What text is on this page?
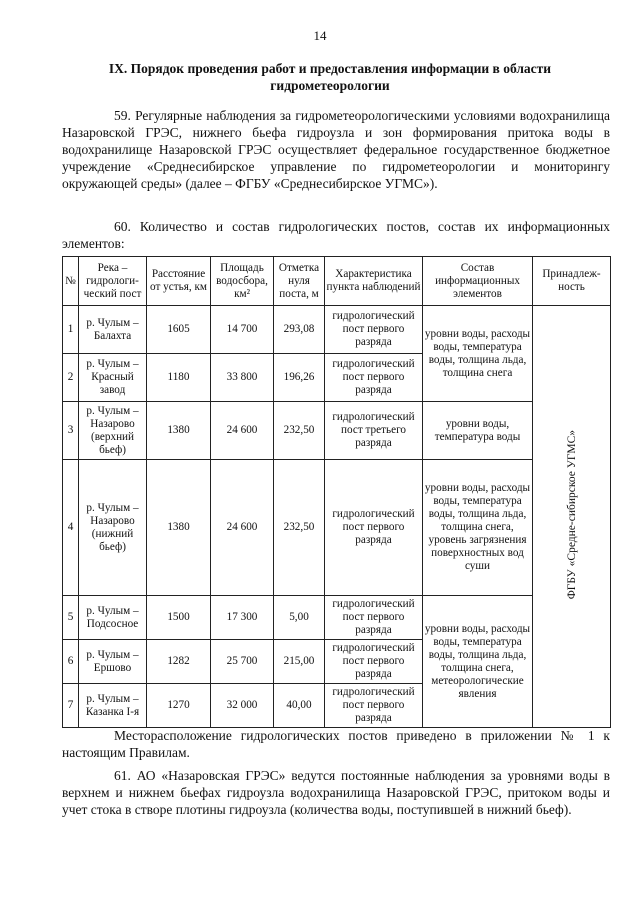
14
IX. Порядок проведения работ и предоставления информации в области гидрометеорологии
59. Регулярные наблюдения за гидрометеорологическими условиями водохранилища Назаровской ГРЭС, нижнего бьефа гидроузла и зон формирования притока воды в водохранилище Назаровской ГРЭС осуществляет федеральное государственное бюджетное учреждение «Среднесибирское управление по гидрометеорологии и мониторингу окружающей среды» (далее – ФГБУ «Среднесибирское УГМС»).
60. Количество и состав гидрологических постов, состав их информационных элементов:
№	Река – гидрологи-ческий пост	Расстояние от устья, км	Площадь водосбора, км²	Отметка нуля поста, м	Характеристика пункта наблюдений	Состав информационных элементов	Принадлеж-ность
1	р. Чулым – Балахта	1605	14 700	293,08	гидрологический пост первого разряда	уровни воды, расходы воды, температура воды, толщина льда, толщина снега	ФГБУ «Средне-сибирское УГМС»
2	р. Чулым – Красный завод	1180	33 800	196,26	гидрологический пост первого разряда		
3	р. Чулым – Назарово (верхний бьеф)	1380	24 600	232,50	гидрологический пост третьего разряда	уровни воды, температура воды	
4	р. Чулым – Назарово (нижний бьеф)	1380	24 600	232,50	гидрологический пост первого разряда	уровни воды, расходы воды, температура воды, толщина льда, толщина снега, уровень загрязнения поверхностных вод суши	
5	р. Чулым – Подсосное	1500	17 300	5,00	гидрологический пост первого разряда	уровни воды, расходы воды, температура воды, толщина льда, толщина снега, метеорологические явления	
6	р. Чулым – Ершово	1282	25 700	215,00	гидрологический пост первого разряда		
7	р. Чулым – Казанка I-я	1270	32 000	40,00	гидрологический пост первого разряда		
Месторасположение гидрологических постов приведено в приложении № 1 к настоящим Правилам.
61. АО «Назаровская ГРЭС» ведутся постоянные наблюдения за уровнями воды в верхнем и нижнем бьефах гидроузла водохранилища Назаровской ГРЭС, притоком воды и учет стока в створе плотины гидроузла (количества воды, поступившей в нижний бьеф).
